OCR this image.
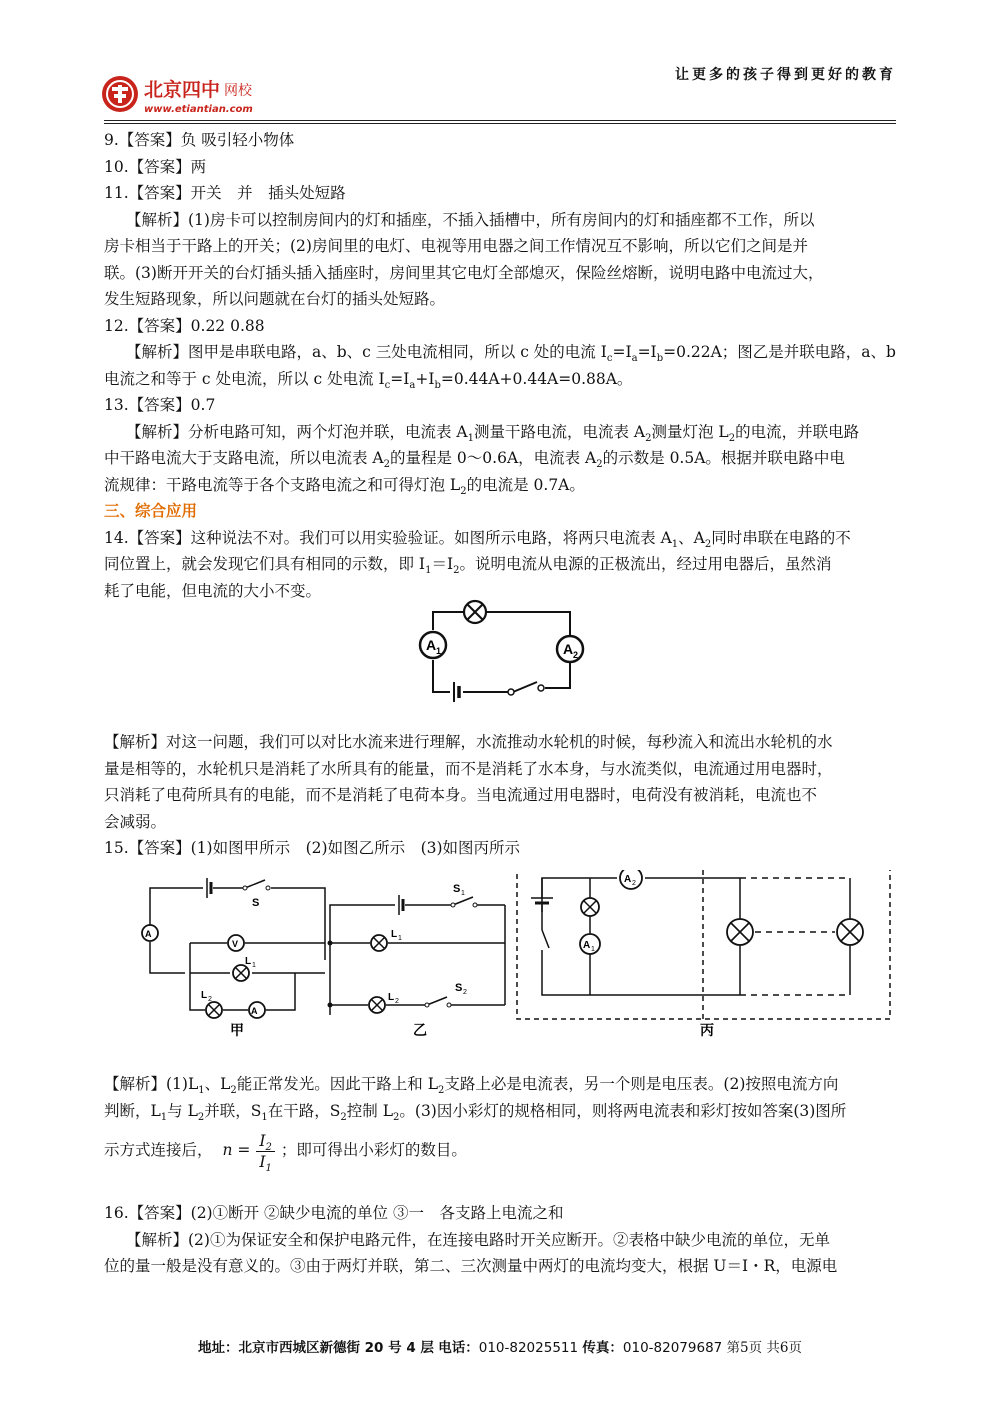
北京四中 网校
www.etiantian.com
让更多的孩子得到更好的教育
9.【答案】负 吸引轻小物体
10.【答案】两
11.【答案】开关　并　插头处短路
【解析】(1)房卡可以控制房间内的灯和插座，不插入插槽中，所有房间内的灯和插座都不工作，所以
房卡相当于干路上的开关；(2)房间里的电灯、电视等用电器之间工作情况互不影响，所以它们之间是并
联。(3)断开开关的台灯插头插入插座时，房间里其它电灯全部熄灭，保险丝熔断，说明电路中电流过大，
发生短路现象，所以问题就在台灯的插头处短路。
12.【答案】0.22 0.88
【解析】图甲是串联电路，a、b、c 三处电流相同，所以 c 处的电流 $I_c=I_a=I_b=0.22A$；图乙是并联电路，a、b
电流之和等于 c 处电流，所以 c 处电流 $I_c=I_a+I_b=0.44A+0.44A=0.88A$。
13.【答案】0.7
【解析】分析电路可知，两个灯泡并联，电流表 $A_1$测量干路电流，电流表 $A_2$测量灯泡 $L_2$的电流，并联电路
中干路电流大于支路电流，所以电流表 $A_2$的量程是 0～0.6A，电流表 $A_2$的示数是 0.5A。根据并联电路中电
流规律：干路电流等于各个支路电流之和可得灯泡 $L_2$的电流是 0.7A。
三、综合应用
14.【答案】这种说法不对。我们可以用实验验证。如图所示电路，将两只电流表 $A_1$、$A_2$同时串联在电路的不
同位置上，就会发现它们具有相同的示数，即 $I_1=I_2$。说明电流从电源的正极流出，经过用电器后，虽然消
耗了电能，但电流的大小不变。
A 1	A 2
【解析】对这一问题，我们可以对比水流来进行理解，水流推动水轮机的时候，每秒流入和流出水轮机的水
量是相等的，水轮机只是消耗了水所具有的能量，而不是消耗了水本身，与水流类似，电流通过用电器时，
只消耗了电荷所具有的电能，而不是消耗了电荷本身。当电流通过用电器时，电荷没有被消耗，电流也不
会减弱。
15.【答案】(1)如图甲所示　(2)如图乙所示　(3)如图丙所示
S
A
V
L 1
L 2
A
甲
S 1
S 2
L 1
L 2
乙
A 2
A 1
丙
【解析】$(1)L_1$、$L_2$能正常发光。因此干路上和 $L_2$支路上必是电流表，另一个则是电压表。(2)按照电流方向
判断，$L_1$与 $L_2$并联，$S_1$在干路，$S_2$控制 $L_2$。(3)因小彩灯的规格相同，则将两电流表和彩灯按如答案(3)图所
示方式连接后， $n = \frac{I_2}{I_1}$ ；即可得出小彩灯的数目。
16.【答案】(2)①断开 ②缺少电流的单位 ③一　各支路上电流之和
【解析】(2)①为保证安全和保护电路元件，在连接电路时开关应断开。②表格中缺少电流的单位，无单
位的量一般是没有意义的。③由于两灯并联，第二、三次测量中两灯的电流均变大，根据 U＝I・R，电源电
地址：北京市西城区新德街 20 号 4 层 电话：010-82025511 传真：010-82079687 第5页 共6页
